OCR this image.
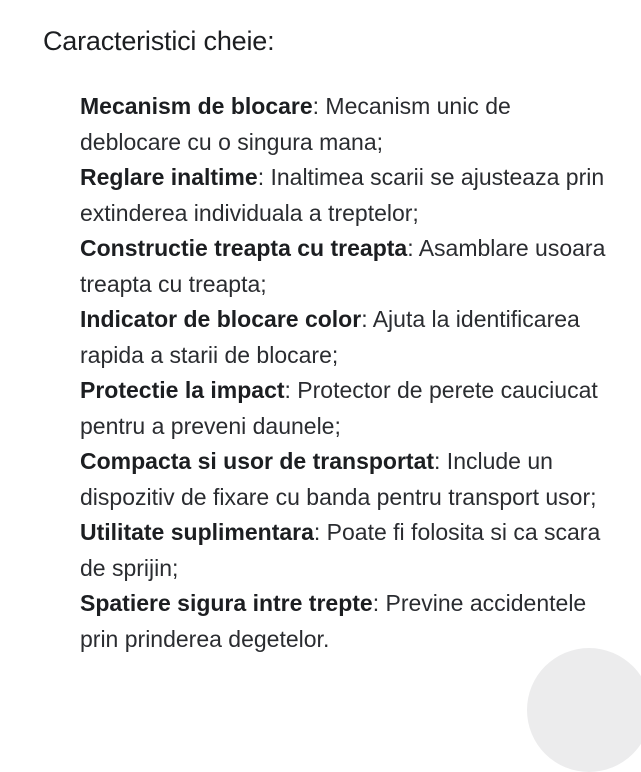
Caracteristici cheie:
Mecanism de blocare: Mecanism unic de deblocare cu o singura mana;
Reglare inaltime: Inaltimea scarii se ajusteaza prin extinderea individuala a treptelor;
Constructie treapta cu treapta: Asamblare usoara treapta cu treapta;
Indicator de blocare color: Ajuta la identificarea rapida a starii de blocare;
Protectie la impact: Protector de perete cauciucat pentru a preveni daunele;
Compacta si usor de transportat: Include un dispozitiv de fixare cu banda pentru transport usor;
Utilitate suplimentara: Poate fi folosita si ca scara de sprijin;
Spatiere sigura intre trepte: Previne accidentele prin prinderea degetelor.
